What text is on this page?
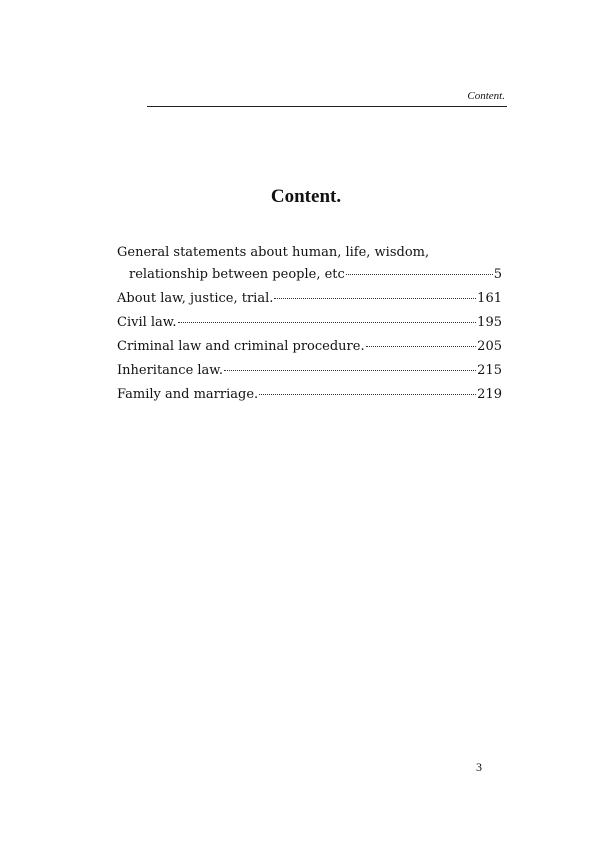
Content.
Content.
General statements about human, life, wisdom,
relationship between people, etc	5
About law, justice, trial.	161
Civil law.	195
Criminal law and criminal procedure.	205
Inheritance law.	215
Family and marriage.	219
3
